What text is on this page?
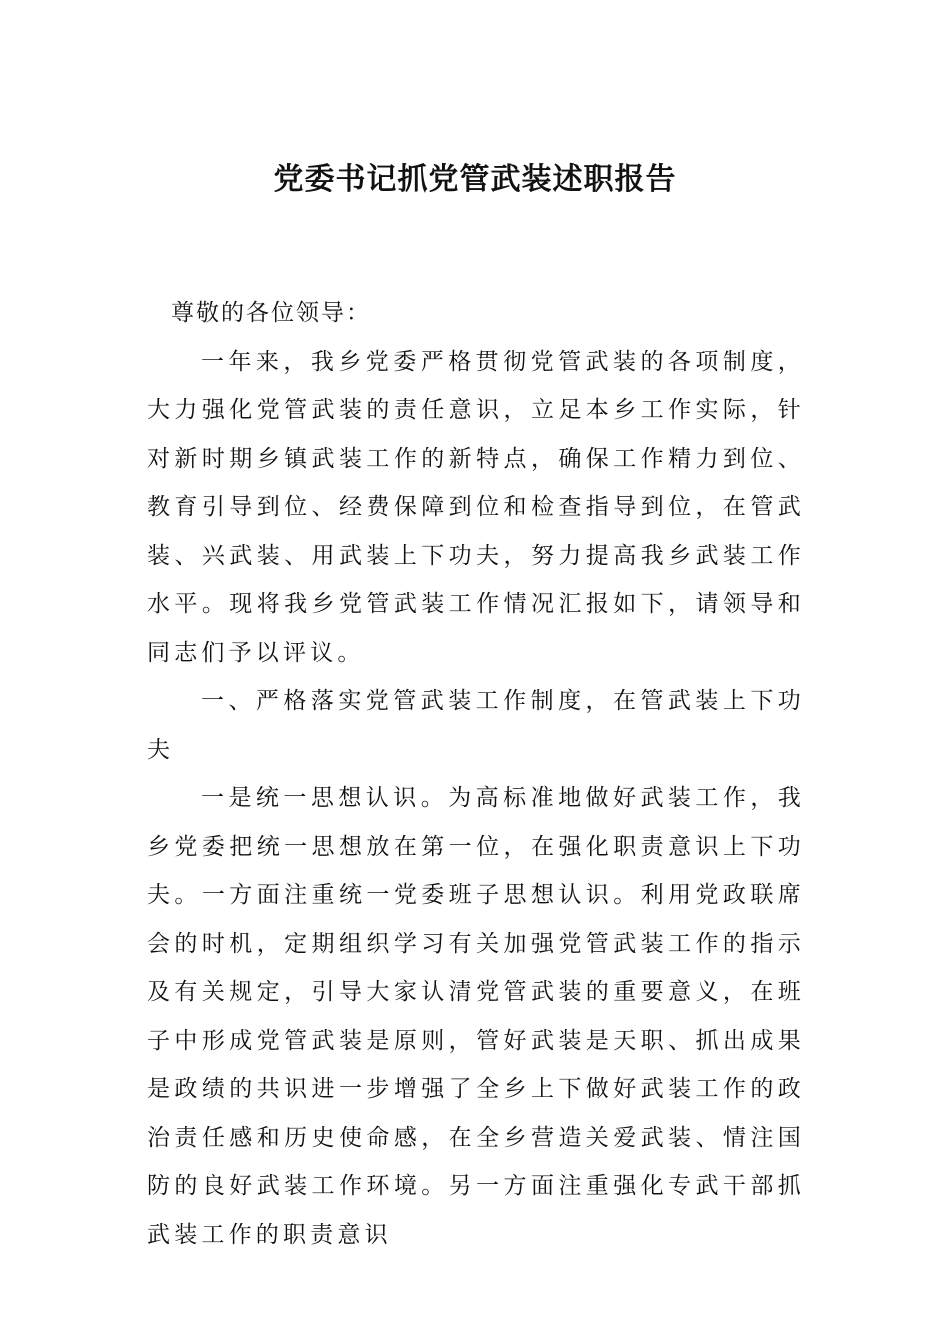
党委书记抓党管武装述职报告

尊敬的各位领导：

一年来，我乡党委严格贯彻党管武装的各项制度，大力强化党管武装的责任意识，立足本乡工作实际，针对新时期乡镇武装工作的新特点，确保工作精力到位、教育引导到位、经费保障到位和检查指导到位，在管武装、兴武装、用武装上下功夫，努力提高我乡武装工作水平。现将我乡党管武装工作情况汇报如下，请领导和同志们予以评议。

一、严格落实党管武装工作制度，在管武装上下功夫

一是统一思想认识。为高标准地做好武装工作，我乡党委把统一思想放在第一位，在强化职责意识上下功夫。一方面注重统一党委班子思想认识。利用党政联席会的时机，定期组织学习有关加强党管武装工作的指示及有关规定，引导大家认清党管武装的重要意义，在班子中形成党管武装是原则，管好武装是天职、抓出成果是政绩的共识进一步增强了全乡上下做好武装工作的政治责任感和历史使命感，在全乡营造关爱武装、情注国防的良好武装工作环境。另一方面注重强化专武干部抓武装工作的职责意识
